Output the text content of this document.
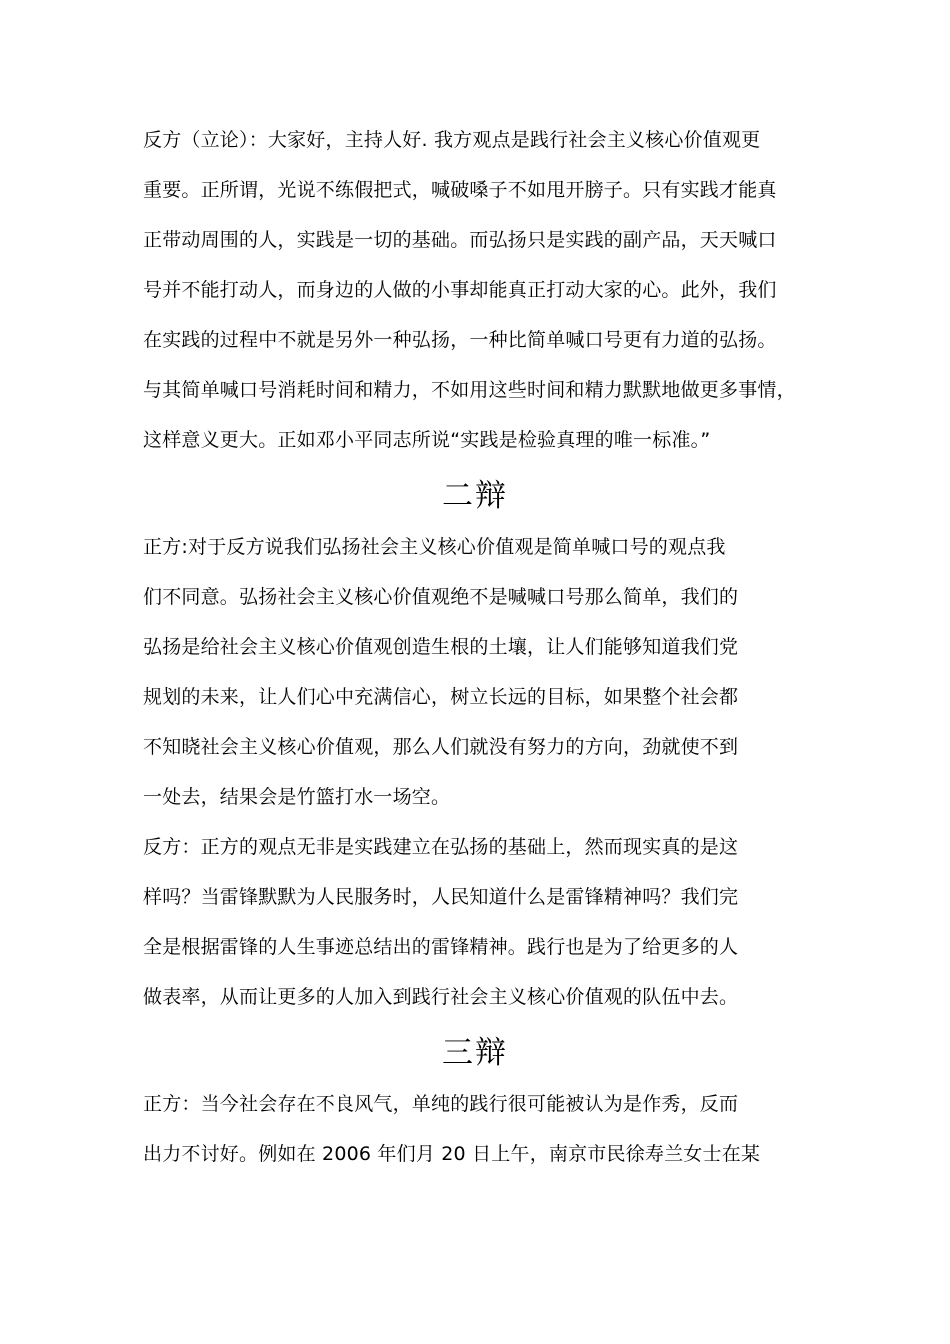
反方（立论）：大家好，主持人好. 我方观点是践行社会主义核心价值观更
重要。正所谓，光说不练假把式，喊破嗓子不如甩开膀子。只有实践才能真
正带动周围的人，实践是一切的基础。而弘扬只是实践的副产品，天天喊口
号并不能打动人，而身边的人做的小事却能真正打动大家的心。此外，我们
在实践的过程中不就是另外一种弘扬，一种比简单喊口号更有力道的弘扬。
与其简单喊口号消耗时间和精力，不如用这些时间和精力默默地做更多事情，
这样意义更大。正如邓小平同志所说“实践是检验真理的唯一标准。”
二辩
正方:对于反方说我们弘扬社会主义核心价值观是简单喊口号的观点我
们不同意。弘扬社会主义核心价值观绝不是喊喊口号那么简单，我们的
弘扬是给社会主义核心价值观创造生根的土壤，让人们能够知道我们党
规划的未来，让人们心中充满信心，树立长远的目标，如果整个社会都
不知晓社会主义核心价值观，那么人们就没有努力的方向，劲就使不到
一处去，结果会是竹篮打水一场空。
反方：正方的观点无非是实践建立在弘扬的基础上，然而现实真的是这
样吗？当雷锋默默为人民服务时，人民知道什么是雷锋精神吗？我们完
全是根据雷锋的人生事迹总结出的雷锋精神。践行也是为了给更多的人
做表率，从而让更多的人加入到践行社会主义核心价值观的队伍中去。
三辩
正方：当今社会存在不良风气，单纯的践行很可能被认为是作秀，反而
出力不讨好。例如在 2006 年们月 20 日上午，南京市民徐寿兰女士在某
